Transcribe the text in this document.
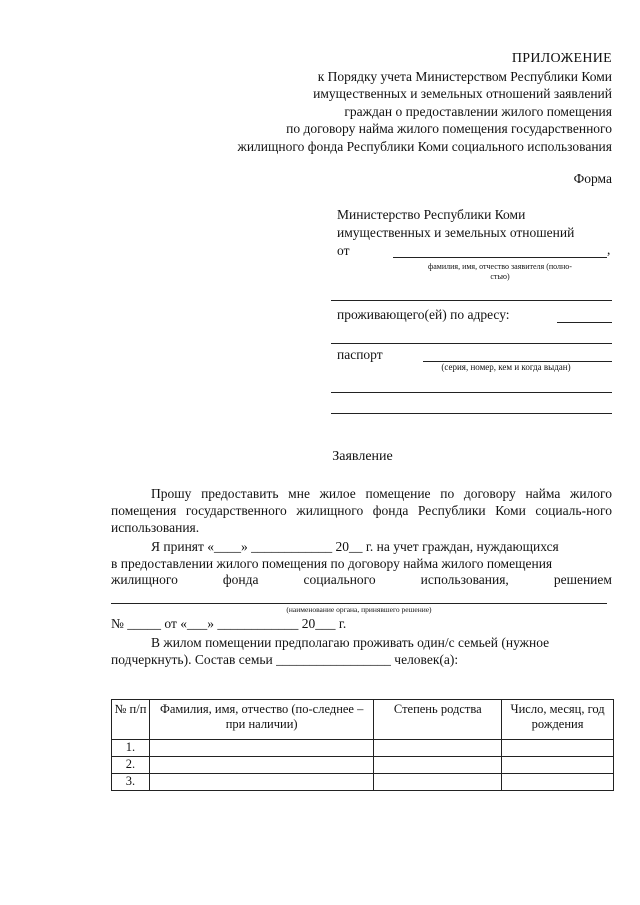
ПРИЛОЖЕНИЕ
к Порядку учета Министерством Республики Коми
имущественных и земельных отношений заявлений
граждан о предоставлении жилого помещения
по договору найма жилого помещения государственного
жилищного фонда Республики Коми социального использования
Форма
Министерство Республики Коми
имущественных и земельных отношений
от	,
фамилия, имя, отчество заявителя (полно-
стью)
проживающего(ей) по адресу:
паспорт
(серия, номер, кем и когда выдан)
Заявление
Прошу предоставить мне жилое помещение по договору найма жилого помещения государственного жилищного фонда Республики Коми социаль-ного использования.
Я принят «____» ____________ 20__ г. на учет граждан, нуждающихся
в предоставлении жилого помещения по договору найма жилого помещения
жилищного	фонда	социального	использования,	решением
(наименование органа, принявшего решение)
№ _____ от «___» ____________ 20___ г.
В жилом помещении предполагаю проживать один/с семьей (нужное
подчеркнуть). Состав семьи _________________ человек(а):
№ п/п	Фамилия, имя, отчество (по-следнее – при наличии)	Степень родства	Число, месяц, год рождения
1.			
2.			
3.			
